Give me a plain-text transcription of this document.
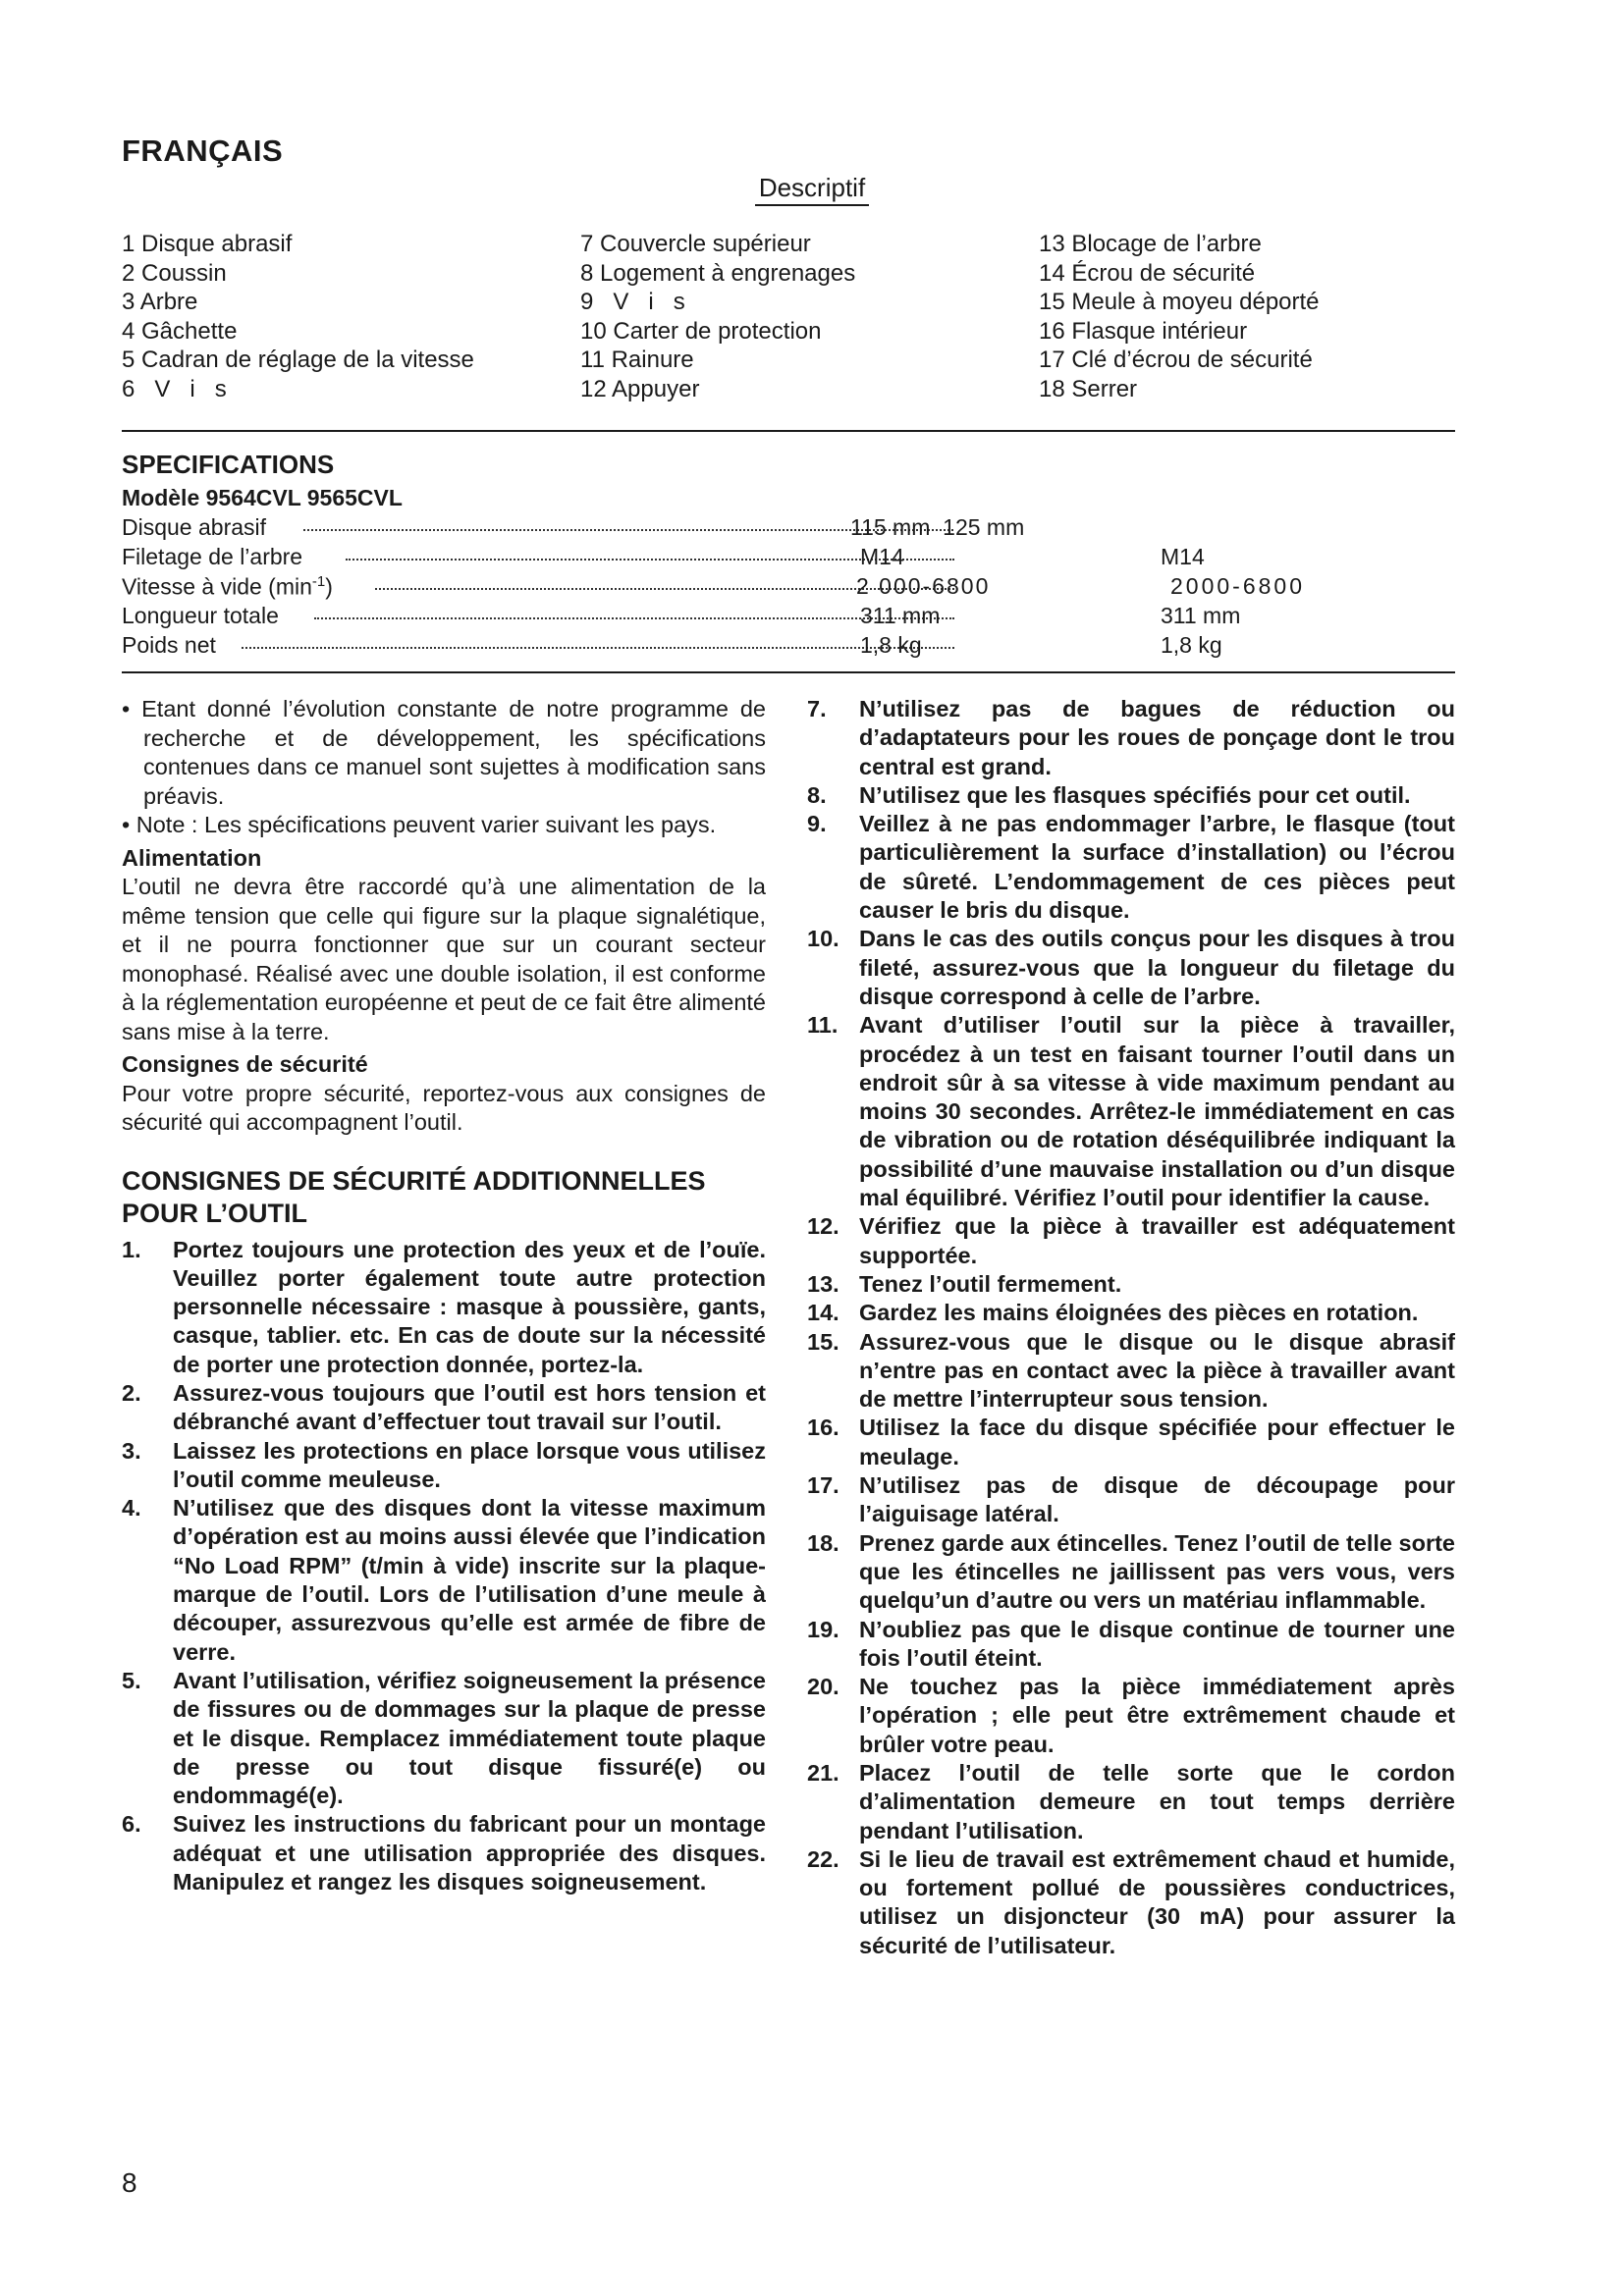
FRANÇAIS
Descriptif
1 Disque abrasif
2 Coussin
3 Arbre
4 Gâchette
5 Cadran de réglage de la vitesse
6   V   i   s
7 Couvercle supérieur
8 Logement à engrenages
9   V   i   s
10 Carter de protection
11 Rainure
12 Appuyer
13 Blocage de l’arbre
14 Écrou de sécurité
15 Meule à moyeu déporté
16 Flasque intérieur
17 Clé d’écrou de sécurité
18 Serrer
SPECIFICATIONS
Modèle 9564CVL 9565CVL
Disque abrasif	115 mm  125 mm
Filetage de l’arbre	M14	M14
Vitesse à vide $(\min^{-1})$	2 000-6800	2000-6800
Longueur totale	311 mm	311 mm
Poids net	1,8 kg	1,8 kg

• Etant donné l’évolution constante de notre programme de recherche et de développement, les spécifications contenues dans ce manuel sont sujettes à modification sans préavis.

• Note : Les spécifications peuvent varier suivant les pays.

Alimentation

L’outil ne devra être raccordé qu’à une alimentation de la même tension que celle qui figure sur la plaque signalétique, et il ne pourra fonctionner que sur un courant secteur monophasé. Réalisé avec une double isolation, il est conforme à la réglementation européenne et peut de ce fait être alimenté sans mise à la terre.

Consignes de sécurité

Pour votre propre sécurité, reportez-vous aux consignes de sécurité qui accompagnent l’outil.

CONSIGNES DE SÉCURITÉ ADDITIONNELLES POUR L’OUTIL

1.	Portez toujours une protection des yeux et de l’ouïe. Veuillez porter également toute autre protection personnelle nécessaire : masque à poussière, gants, casque, tablier. etc. En cas de doute sur la nécessité de porter une protection donnée, portez-la.
2.	Assurez-vous toujours que l’outil est hors tension et débranché avant d’effectuer tout travail sur l’outil.
3.	Laissez les protections en place lorsque vous utilisez l’outil comme meuleuse.
4.	N’utilisez que des disques dont la vitesse maximum d’opération est au moins aussi élevée que l’indication “No Load RPM” (t/min à vide) inscrite sur la plaque-marque de l’outil. Lors de l’utilisation d’une meule à découper, assurezvous qu’elle est armée de fibre de verre.
5.	Avant l’utilisation, vérifiez soigneusement la présence de fissures ou de dommages sur la plaque de presse et le disque. Remplacez immédiatement toute plaque de presse ou tout disque fissuré(e) ou endommagé(e).
6.	Suivez les instructions du fabricant pour un montage adéquat et une utilisation appropriée des disques. Manipulez et rangez les disques soigneusement.
7.	N’utilisez pas de bagues de réduction ou d’adaptateurs pour les roues de ponçage dont le trou central est grand.
8.	N’utilisez que les flasques spécifiés pour cet outil.
9.	Veillez à ne pas endommager l’arbre, le flasque (tout particulièrement la surface d’installation) ou l’écrou de sûreté. L’endommagement de ces pièces peut causer le bris du disque.
10. Dans le cas des outils conçus pour les disques à trou fileté, assurez-vous que la longueur du filetage du disque correspond à celle de l’arbre.
11. Avant d’utiliser l’outil sur la pièce à travailler, procédez à un test en faisant tourner l’outil dans un endroit sûr à sa vitesse à vide maximum pendant au moins 30 secondes. Arrêtez-le immédiatement en cas de vibration ou de rotation déséquilibrée indiquant la possibilité d’une mauvaise installation ou d’un disque mal équilibré. Vérifiez l’outil pour identifier la cause.
12. Vérifiez que la pièce à travailler est adéquatement supportée.
13. Tenez l’outil fermement.
14. Gardez les mains éloignées des pièces en rotation.
15. Assurez-vous que le disque ou le disque abrasif n’entre pas en contact avec la pièce à travailler avant de mettre l’interrupteur sous tension.
16. Utilisez la face du disque spécifiée pour effectuer le meulage.
17. N’utilisez pas de disque de découpage pour l’aiguisage latéral.
18. Prenez garde aux étincelles. Tenez l’outil de telle sorte que les étincelles ne jaillissent pas vers vous, vers quelqu’un d’autre ou vers un matériau inflammable.
19. N’oubliez pas que le disque continue de tourner une fois l’outil éteint.
20. Ne touchez pas la pièce immédiatement après l’opération ; elle peut être extrêmement chaude et brûler votre peau.
21. Placez l’outil de telle sorte que le cordon d’alimentation demeure en tout temps derrière pendant l’utilisation.
22. Si le lieu de travail est extrêmement chaud et humide, ou fortement pollué de poussières conductrices, utilisez un disjoncteur (30 mA) pour assurer la sécurité de l’utilisateur.
8
